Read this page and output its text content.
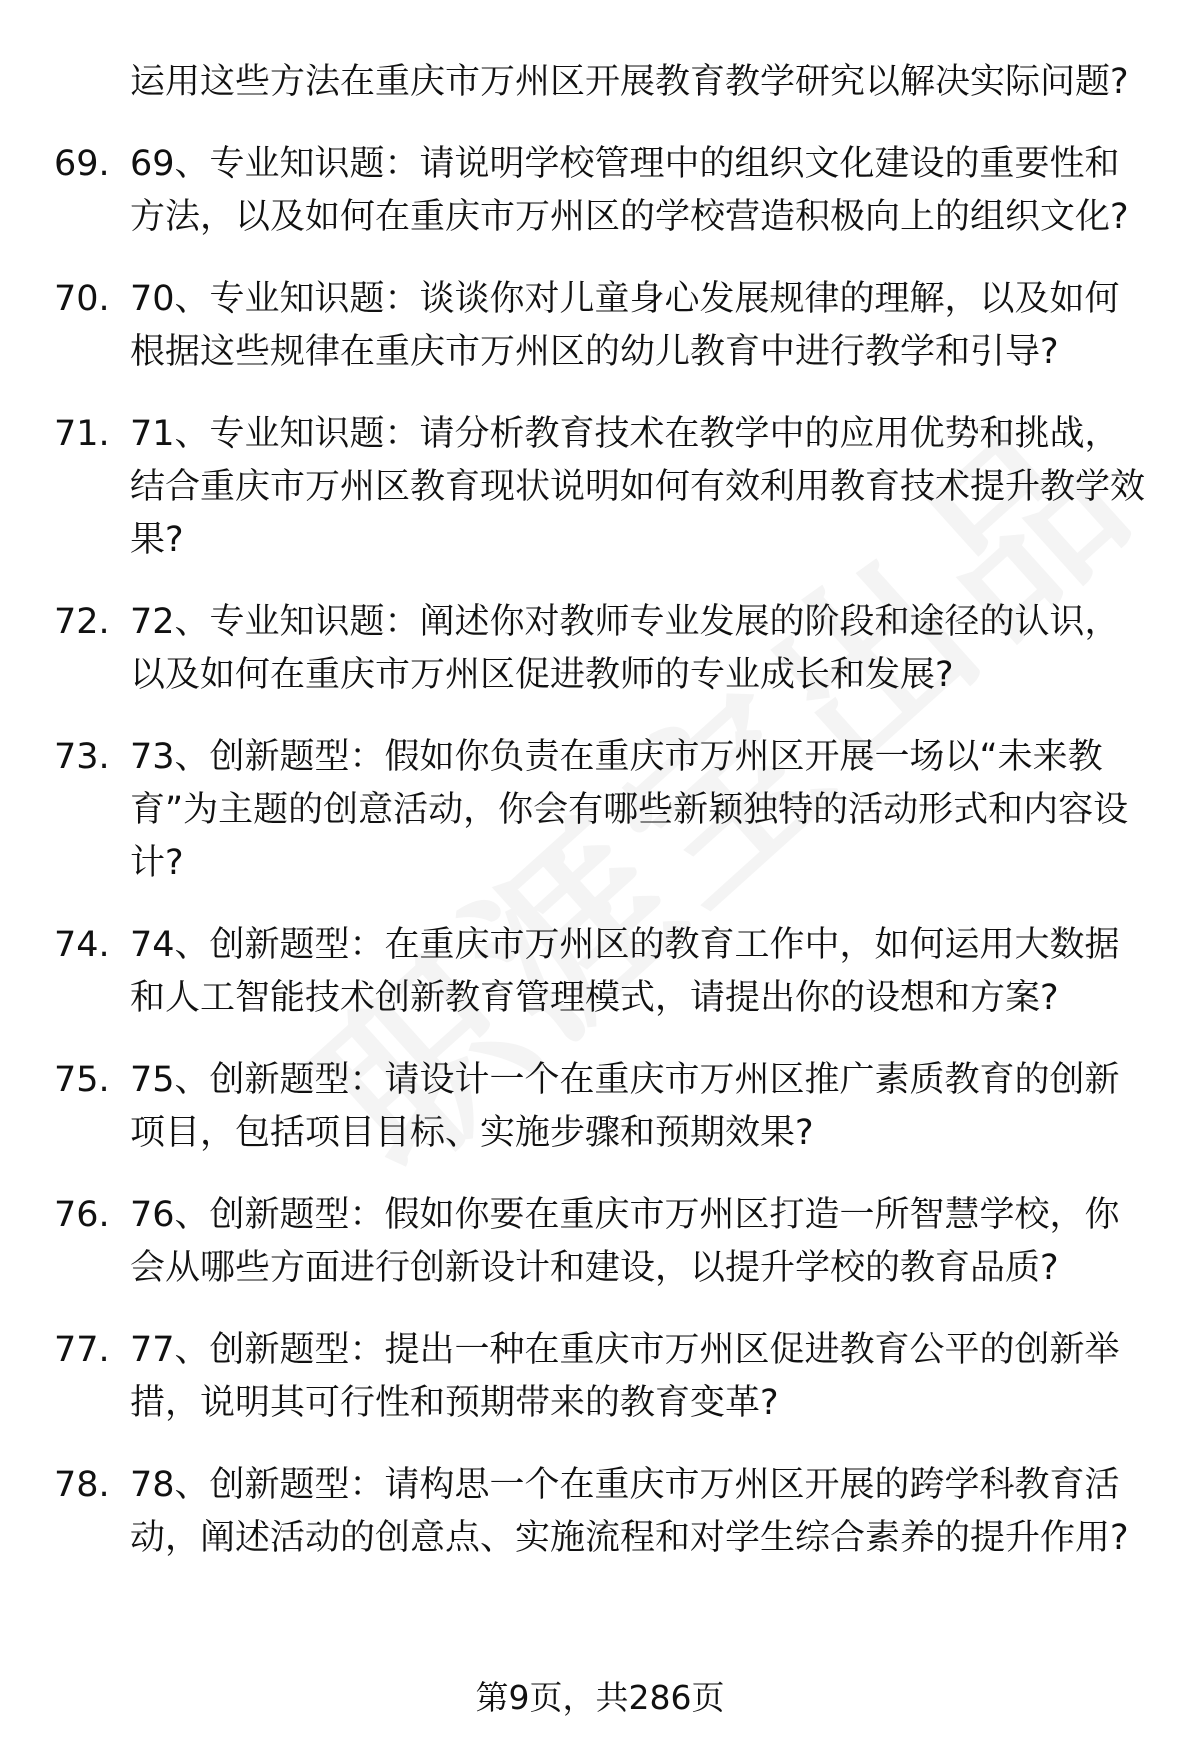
运用这些方法在重庆市万州区开展教育教学研究以解决实际问题?
69. 69、专业知识题：请说明学校管理中的组织文化建设的重要性和方法，以及如何在重庆市万州区的学校营造积极向上的组织文化?
70. 70、专业知识题：谈谈你对儿童身心发展规律的理解，以及如何根据这些规律在重庆市万州区的幼儿教育中进行教学和引导?
71. 71、专业知识题：请分析教育技术在教学中的应用优势和挑战，结合重庆市万州区教育现状说明如何有效利用教育技术提升教学效果?
72. 72、专业知识题：阐述你对教师专业发展的阶段和途径的认识，以及如何在重庆市万州区促进教师的专业成长和发展?
73. 73、创新题型：假如你负责在重庆市万州区开展一场以“未来教育”为主题的创意活动，你会有哪些新颖独特的活动形式和内容设计?
74. 74、创新题型：在重庆市万州区的教育工作中，如何运用大数据和人工智能技术创新教育管理模式，请提出你的设想和方案?
75. 75、创新题型：请设计一个在重庆市万州区推广素质教育的创新项目，包括项目目标、实施步骤和预期效果?
76. 76、创新题型：假如你要在重庆市万州区打造一所智慧学校，你会从哪些方面进行创新设计和建设，以提升学校的教育品质?
77. 77、创新题型：提出一种在重庆市万州区促进教育公平的创新举措，说明其可行性和预期带来的教育变革?
78. 78、创新题型：请构思一个在重庆市万州区开展的跨学科教育活动，阐述活动的创意点、实施流程和对学生综合素养的提升作用?
第9页，共286页
